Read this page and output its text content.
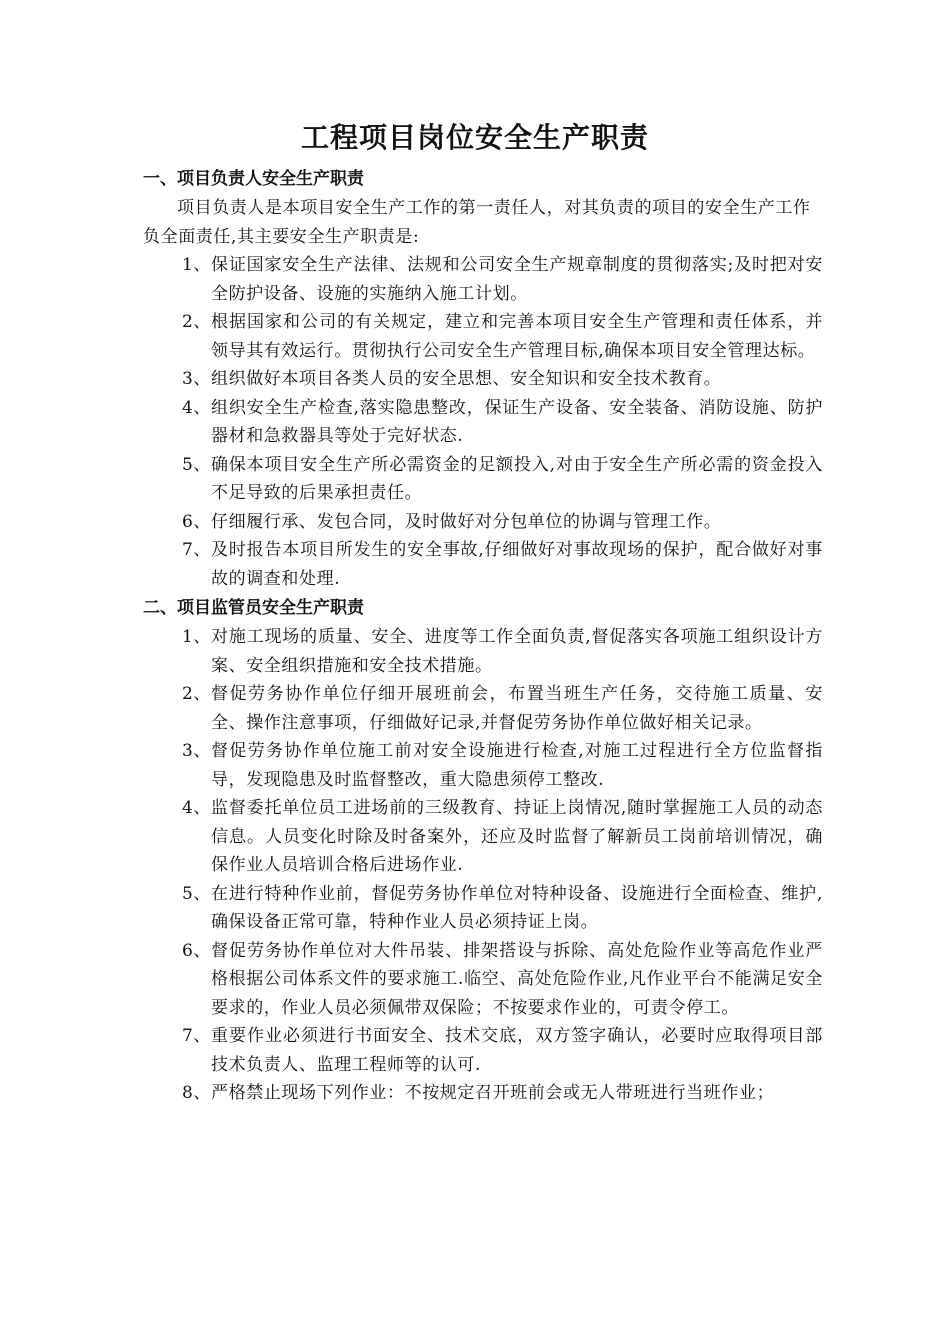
工程项目岗位安全生产职责
一、项目负责人安全生产职责

项目负责人是本项目安全生产工作的第一责任人，对其负责的项目的安全生产工作负全面责任,其主要安全生产职责是:

1、 保证国家安全生产法律、法规和公司安全生产规章制度的贯彻落实;及时把对安全防护设备、设施的实施纳入施工计划。
2、 根据国家和公司的有关规定，建立和完善本项目安全生产管理和责任体系，并领导其有效运行。贯彻执行公司安全生产管理目标,确保本项目安全管理达标。
3、 组织做好本项目各类人员的安全思想、安全知识和安全技术教育。
4、 组织安全生产检查,落实隐患整改，保证生产设备、安全装备、消防设施、防护器材和急救器具等处于完好状态.
5、 确保本项目安全生产所必需资金的足额投入,对由于安全生产所必需的资金投入不足导致的后果承担责任。
6、 仔细履行承、发包合同，及时做好对分包单位的协调与管理工作。
7、 及时报告本项目所发生的安全事故,仔细做好对事故现场的保护，配合做好对事故的调查和处理.
二、项目监管员安全生产职责
1、 对施工现场的质量、安全、进度等工作全面负责,督促落实各项施工组织设计方案、安全组织措施和安全技术措施。
2、 督促劳务协作单位仔细开展班前会，布置当班生产任务，交待施工质量、安全、操作注意事项，仔细做好记录,并督促劳务协作单位做好相关记录。
3、 督促劳务协作单位施工前对安全设施进行检查,对施工过程进行全方位监督指导，发现隐患及时监督整改，重大隐患须停工整改.
4、 监督委托单位员工进场前的三级教育、持证上岗情况,随时掌握施工人员的动态信息。人员变化时除及时备案外，还应及时监督了解新员工岗前培训情况，确保作业人员培训合格后进场作业.
5、 在进行特种作业前，督促劳务协作单位对特种设备、设施进行全面检查、维护,确保设备正常可靠，特种作业人员必须持证上岗。
6、 督促劳务协作单位对大件吊装、排架搭设与拆除、高处危险作业等高危作业严格根据公司体系文件的要求施工.临空、高处危险作业,凡作业平台不能满足安全要求的，作业人员必须佩带双保险；不按要求作业的，可责令停工。
7、 重要作业必须进行书面安全、技术交底，双方签字确认，必要时应取得项目部技术负责人、监理工程师等的认可.
8、 严格禁止现场下列作业：不按规定召开班前会或无人带班进行当班作业；
